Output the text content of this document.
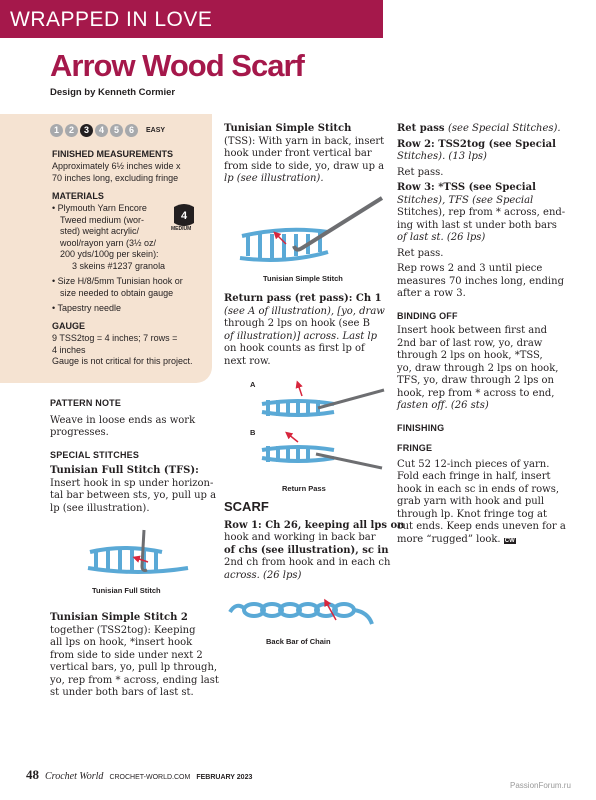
WRAPPED IN LOVE
Arrow Wood Scarf
Design by Kenneth Cormier
1	2	3	4	5	6	EASY
FINISHED MEASUREMENTS
Approximately 6½ inches wide x
70 inches long, excluding fringe
MATERIALS
• Plymouth Yarn Encore
Tweed medium (wor-
sted) weight acrylic/
wool/rayon yarn (3½ oz/
200 yds/100g per skein):
3 skeins #1237 granola
• Size H/8/5mm Tunisian hook or
size needed to obtain gauge
• Tapestry needle
4
MEDIUM
GAUGE
9 TSS2tog = 4 inches; 7 rows =
4 inches
Gauge is not critical for this project.

PATTERN NOTE

Weave in loose ends as work

progresses.

SPECIAL STITCHES

Tunisian Full Stitch (TFS):

Insert hook in sp under horizon-

tal bar between sts, yo, pull up a

lp (see illustration).

Tunisian Full Stitch

Tunisian Simple Stitch 2

together (TSS2tog): Keeping

all lps on hook, *insert hook

from side to side under next 2

vertical bars, yo, pull lp through,

yo, rep from * across, ending last

st under both bars of last st.

Tunisian Simple Stitch

(TSS): With yarn in back, insert

hook under front vertical bar

from side to side, yo, draw up a

lp (see illustration).

Tunisian Simple Stitch

Return pass (ret pass): Ch 1

(see A of illustration), [yo, draw

through 2 lps on hook (see B

of illustration)] across. Last lp

on hook counts as first lp of

next row.

A
B
Return Pass

SCARF

Row 1: Ch 26, keeping all lps on

hook and working in back bar

of chs (see illustration), sc in

2nd ch from hook and in each ch

across. (26 lps)

Back Bar of Chain

Ret pass (see Special Stitches).

Row 2: TSS2tog (see Special

Stitches). (13 lps)

Ret pass.

Row 3: *TSS (see Special

Stitches), TFS (see Special

Stitches), rep from * across, end-

ing with last st under both bars

of last st. (26 lps)

Ret pass.

Rep rows 2 and 3 until piece

measures 70 inches long, ending

after a row 3.

BINDING OFF

Insert hook between first and

2nd bar of last row, yo, draw

through 2 lps on hook, *TSS,

yo, draw through 2 lps on hook,

TFS, yo, draw through 2 lps on

hook, rep from * across to end,

fasten off. (26 sts)

FINISHING

FRINGE

Cut 52 12-inch pieces of yarn.

Fold each fringe in half, insert

hook in each sc in ends of rows,

grab yarn with hook and pull

through lp. Knot fringe tog at

cut ends. Keep ends uneven for a

more “rugged” look. CW

48 Crochet World CROCHET-WORLD.COM FEBRUARY 2023
PassionForum.ru
